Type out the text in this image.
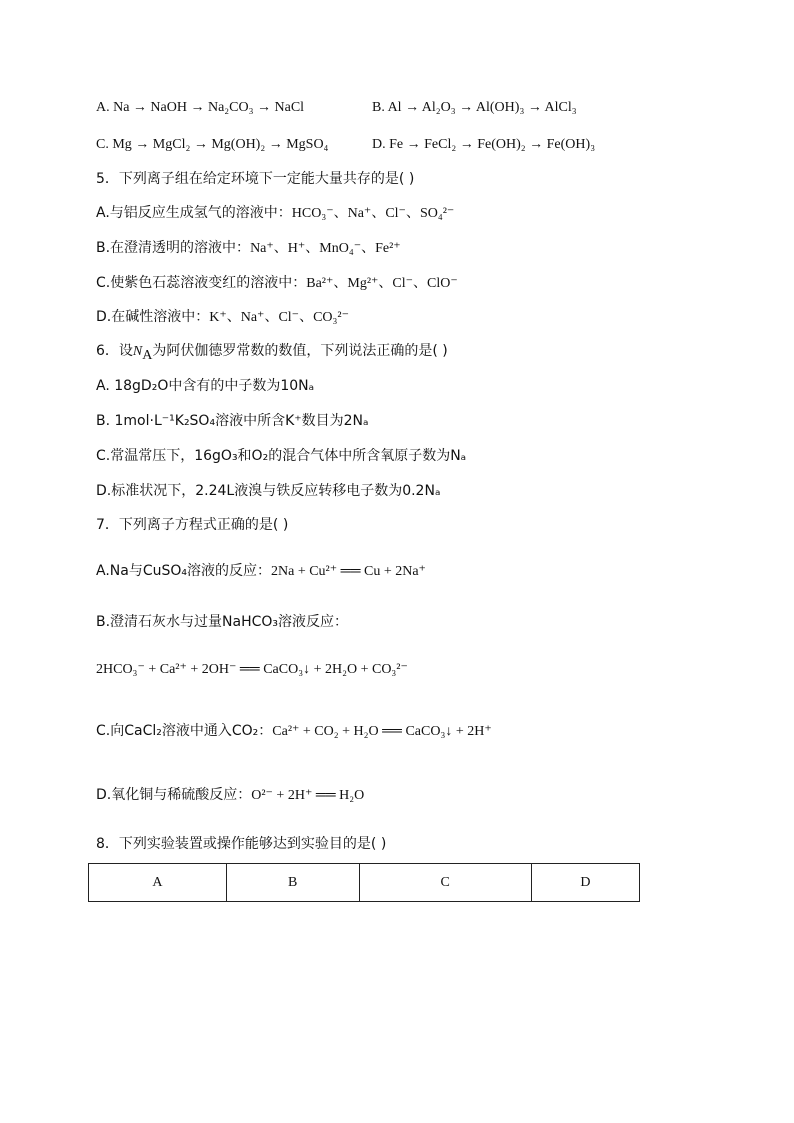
A. Na → NaOH → Na₂CO₃ → NaCl	B. Al → Al₂O₃ → Al(OH)₃ → AlCl₃
C. Mg → MgCl₂ → Mg(OH)₂ → MgSO₄	D. Fe → FeCl₂ → Fe(OH)₂ → Fe(OH)₃
5．下列离子组在给定环境下一定能大量共存的是( )
A.与铝反应生成氢气的溶液中：HCO₃⁻、Na⁺、Cl⁻、SO₄²⁻
B.在澄清透明的溶液中：Na⁺、H⁺、MnO₄⁻、Fe²⁺
C.使紫色石蕊溶液变红的溶液中：Ba²⁺、Mg²⁺、Cl⁻、ClO⁻
D.在碱性溶液中：K⁺、Na⁺、Cl⁻、CO₃²⁻
6．设$N_A$为阿伏伽德罗常数的数值，下列说法正确的是( )
A. 18gD₂O中含有的中子数为10Nₐ
B. 1mol·L⁻¹K₂SO₄溶液中所含K⁺数目为2Nₐ
C.常温常压下，16gO₃和O₂的混合气体中所含氧原子数为Nₐ
D.标准状况下，2.24L液溴与铁反应转移电子数为0.2Nₐ
7．下列离子方程式正确的是( )
A.Na与CuSO₄溶液的反应：2Na + Cu²⁺ ══ Cu + 2Na⁺
B.澄清石灰水与过量NaHCO₃溶液反应：
2HCO₃⁻ + Ca²⁺ + 2OH⁻ ══ CaCO₃↓ + 2H₂O + CO₃²⁻
C.向CaCl₂溶液中通入CO₂：Ca²⁺ + CO₂ + H₂O ══ CaCO₃↓ + 2H⁺
D.氧化铜与稀硫酸反应：O²⁻ + 2H⁺ ══ H₂O
8．下列实验装置或操作能够达到实验目的是( )
A	B	C	D
